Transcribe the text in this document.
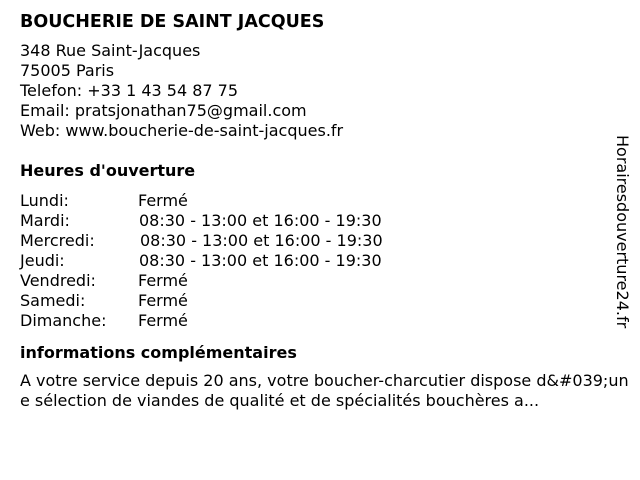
BOUCHERIE DE SAINT JACQUES
348 Rue Saint-Jacques
75005 Paris
Telefon: +33 1 43 54 87 75
Email: pratsjonathan75@gmail.com
Web: www.boucherie-de-saint-jacques.fr
Heures d'ouverture
Lundi:	Fermé
Mardi:	08:30 - 13:00 et 16:00 - 19:30
Mercredi:	08:30 - 13:00 et 16:00 - 19:30
Jeudi:	08:30 - 13:00 et 16:00 - 19:30
Vendredi:	Fermé
Samedi:	Fermé
Dimanche: Fermé
informations complémentaires
A votre service depuis 20 ans, votre boucher-charcutier dispose d&#039;une sélection de viandes de qualité et de spécialités bouchères a...
Horairesdouverture24.fr
